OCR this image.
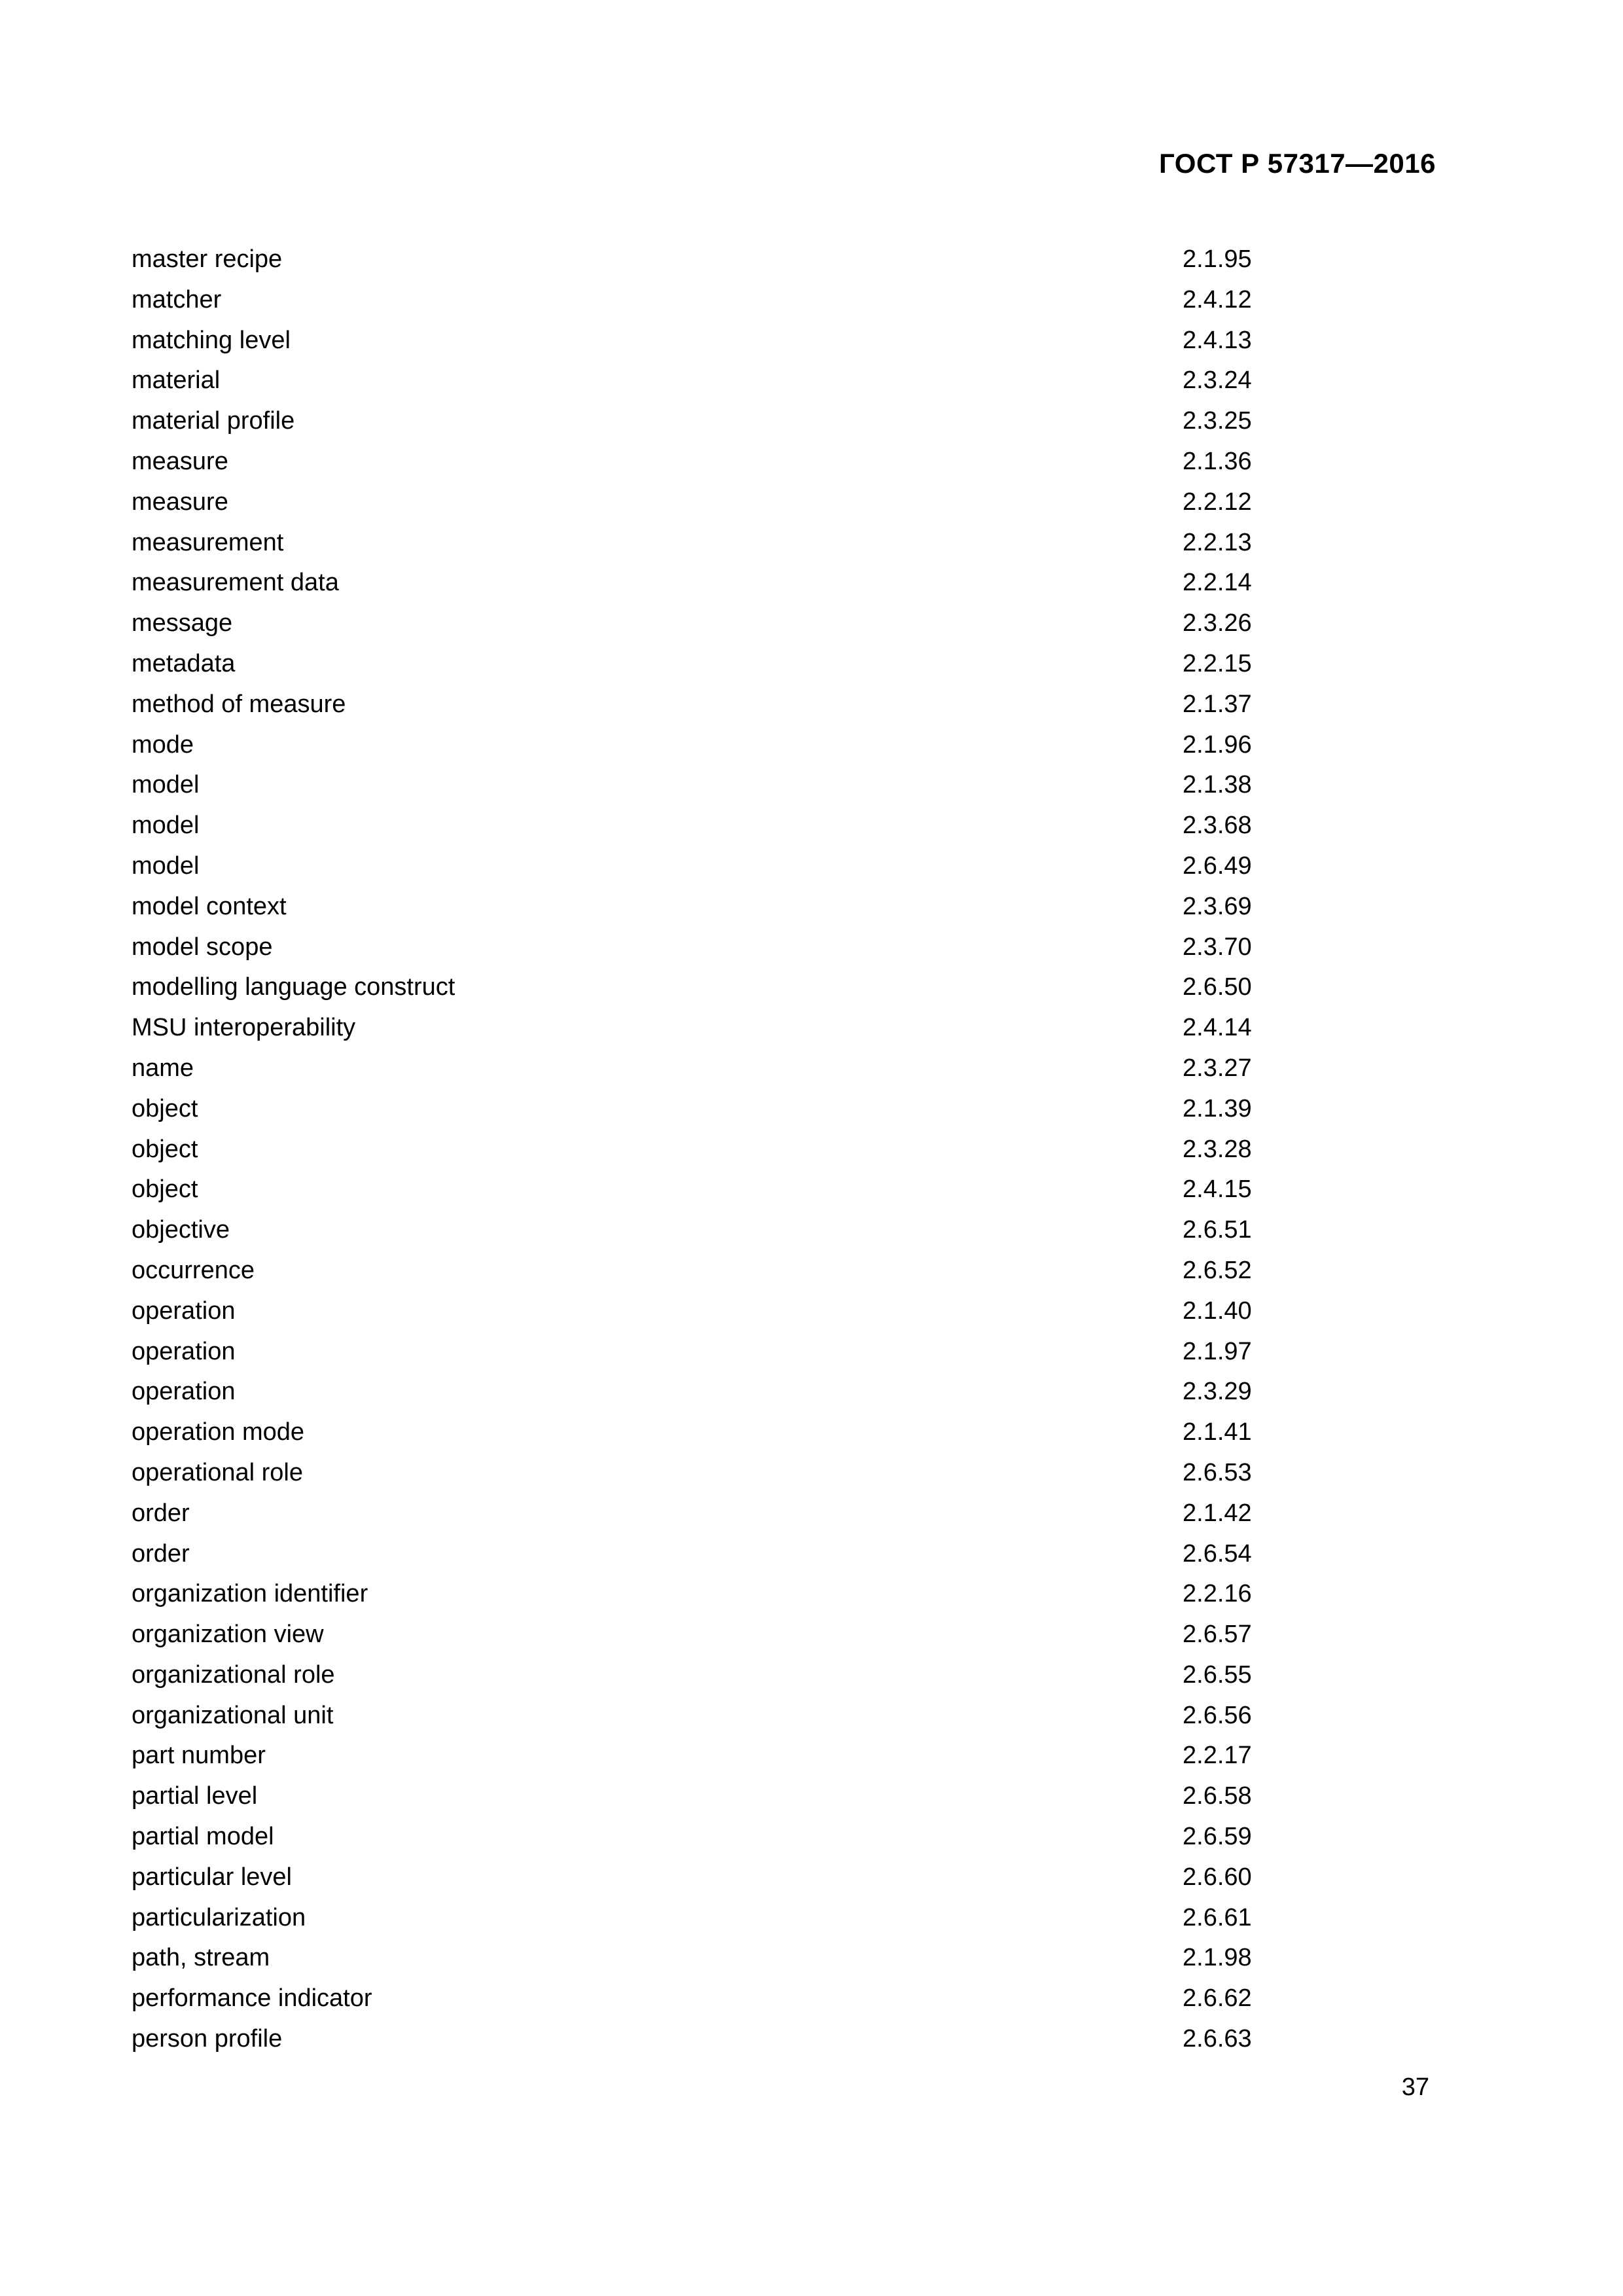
ГОСТ Р 57317—2016
master recipe	2.1.95
matcher	2.4.12
matching level	2.4.13
material	2.3.24
material profile	2.3.25
measure	2.1.36
measure	2.2.12
measurement	2.2.13
measurement data	2.2.14
message	2.3.26
metadata	2.2.15
method of measure	2.1.37
mode	2.1.96
model	2.1.38
model	2.3.68
model	2.6.49
model context	2.3.69
model scope	2.3.70
modelling language construct	2.6.50
MSU interoperability	2.4.14
name	2.3.27
object	2.1.39
object	2.3.28
object	2.4.15
objective	2.6.51
occurrence	2.6.52
operation	2.1.40
operation	2.1.97
operation	2.3.29
operation mode	2.1.41
operational role	2.6.53
order	2.1.42
order	2.6.54
organization identifier	2.2.16
organization view	2.6.57
organizational role	2.6.55
organizational unit	2.6.56
part number	2.2.17
partial level	2.6.58
partial model	2.6.59
particular level	2.6.60
particularization	2.6.61
path, stream	2.1.98
performance indicator	2.6.62
person profile	2.6.63
37
